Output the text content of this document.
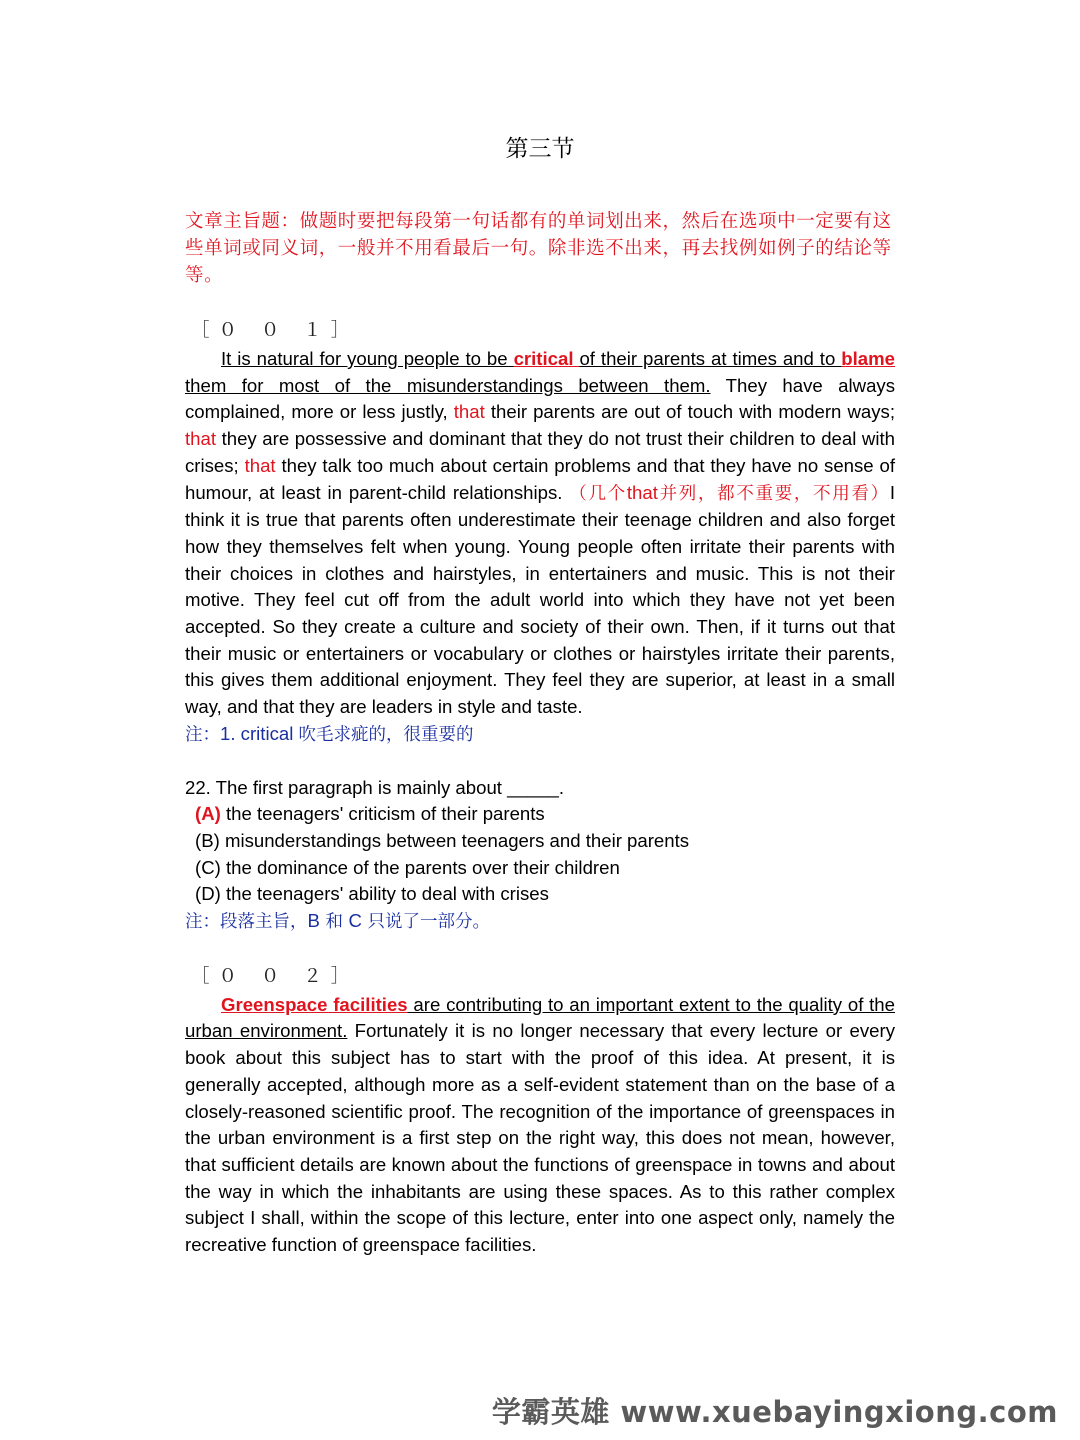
第三节

文章主旨题：做题时要把每段第一句话都有的单词划出来，然后在选项中一定要有这些单词或同义词，一般并不用看最后一句。除非选不出来，再去找例如例子的结论等等。

［０ ０ １］

It is natural for young people to be critical of their parents at times and to blame them for most of the misunderstandings between them. They have always complained, more or less justly, that their parents are out of touch with modern ways; that they are possessive and dominant that they do not trust their children to deal with crises; that they talk too much about certain problems and that they have no sense of humour, at least in parent-child relationships. （几个that并列，都不重要，不用看）I think it is true that parents often underestimate their teenage children and also forget how they themselves felt when young. Young people often irritate their parents with their choices in clothes and hairstyles, in entertainers and music. This is not their motive. They feel cut off from the adult world into which they have not yet been accepted. So they create a culture and society of their own. Then, if it turns out that their music or entertainers or vocabulary or clothes or hairstyles irritate their parents, this gives them additional enjoyment. They feel they are superior, at least in a small way, and that they are leaders in style and taste.

注：1. critical 吹毛求疵的，很重要的

22. The first paragraph is mainly about _____.

(A) the teenagers' criticism of their parents
(B) misunderstandings between teenagers and their parents
(C) the dominance of the parents over their children
(D) the teenagers' ability to deal with crises

注：段落主旨，B 和 C 只说了一部分。

［０ ０ ２］

Greenspace facilities are contributing to an important extent to the quality of the urban environment. Fortunately it is no longer necessary that every lecture or every book about this subject has to start with the proof of this idea. At present, it is generally accepted, although more as a self-evident statement than on the base of a closely-reasoned scientific proof. The recognition of the importance of greenspaces in the urban environment is a first step on the right way, this does not mean, however, that sufficient details are known about the functions of greenspace in towns and about the way in which the inhabitants are using these spaces. As to this rather complex subject I shall, within the scope of this lecture, enter into one aspect only, namely the recreative function of greenspace facilities.

学霸英雄 www.xuebayingxiong.com
